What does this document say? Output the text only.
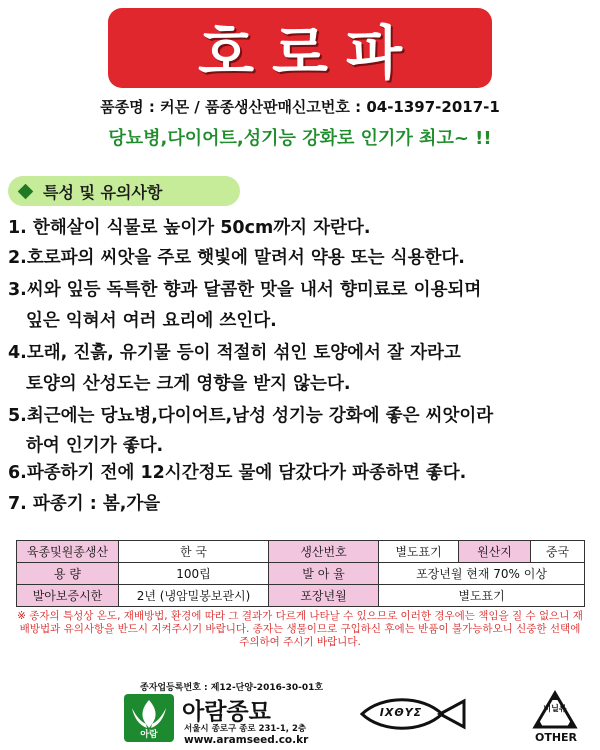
호로파
품종명 : 커몬 / 품종생산판매신고번호 : 04-1397-2017-1
당뇨병,다이어트,성기능 강화로 인기가 최고~ !!
특성 및 유의사항
1. 한해살이 식물로 높이가 50cm까지 자란다.
2.호로파의 씨앗을 주로 햇빛에 말려서 약용 또는 식용한다.
3.씨와 잎등 독특한 향과 달콤한 맛을 내서 향미료로 이용되며
잎은 익혀서 여러 요리에 쓰인다.
4.모래, 진흙, 유기물 등이 적절히 섞인 토양에서 잘 자라고
토양의 산성도는 크게 영향을 받지 않는다.
5.최근에는 당뇨병,다이어트,남성 성기능 강화에 좋은 씨앗이라
하여 인기가 좋다.
6.파종하기 전에 12시간정도 물에 담갔다가 파종하면 좋다.
7. 파종기 : 봄,가을
육종및원종생산	한 국	생산번호	별도표기	원산지	중국
용 량	100립	발 아 율	포장년월 현재 70% 이상		
발아보증시한	2년 (냉암밀봉보관시)	포장년월	별도표기		
※ 종자의 특성상 온도, 재배방법, 환경에 따라 그 결과가 다르게 나타날 수 있으므로 이러한 경우에는 책임을 질 수 없으니 재배방법과 유의사항을 반드시 지켜주시기 바랍니다. 종자는 생물이므로 구입하신 후에는 반품이 불가능하오니 신중한 선택에 주의하여 주시기 바랍니다.
종자업등록번호 : 제12-단양-2016-30-01호
아람
아람종묘
서울시 종로구 종로 231-1, 2층
www.aramseed.co.kr
IXΘYΣ	비닐류
OTHER
